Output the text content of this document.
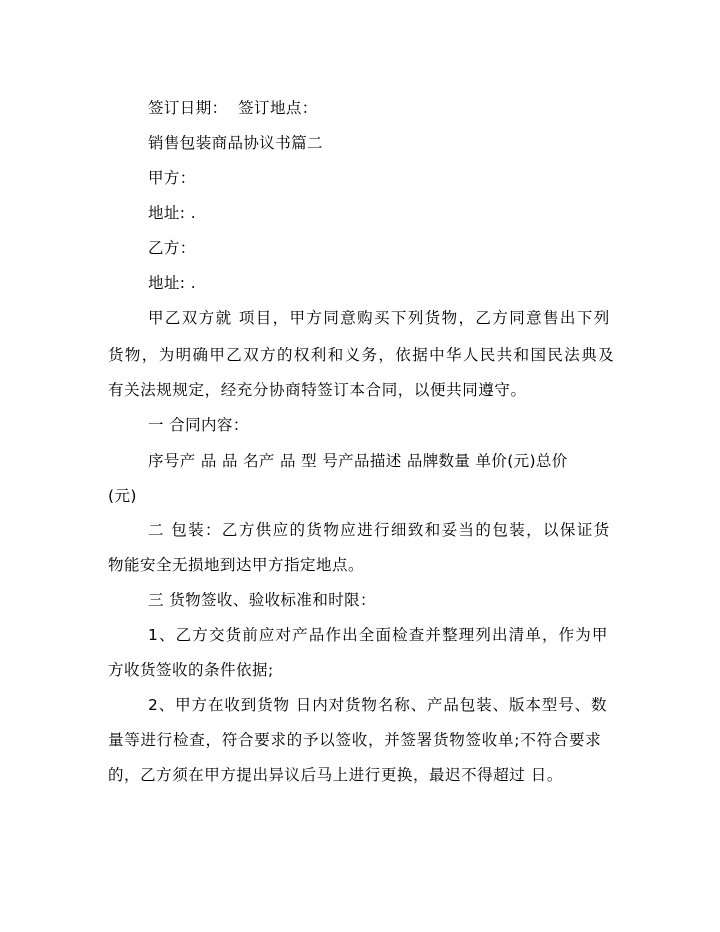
签订日期：  签订地点：
销售包装商品协议书篇二
甲方：
地址: .
乙方：
地址: .
甲乙双方就 项目，甲方同意购买下列货物，乙方同意售出下列
货物，为明确甲乙双方的权利和义务，依据中华人民共和国民法典及
有关法规规定，经充分协商特签订本合同，以便共同遵守。
一 合同内容：
序号产 品 品 名产 品 型 号产品描述 品牌数量 单价(元)总价
(元)
二 包装：乙方供应的货物应进行细致和妥当的包装，以保证货
物能安全无损地到达甲方指定地点。
三 货物签收、验收标准和时限：
1、乙方交货前应对产品作出全面检查并整理列出清单，作为甲
方收货签收的条件依据;
2、甲方在收到货物 日内对货物名称、产品包装、版本型号、数
量等进行检查，符合要求的予以签收，并签署货物签收单;不符合要求
的，乙方须在甲方提出异议后马上进行更换，最迟不得超过 日。
